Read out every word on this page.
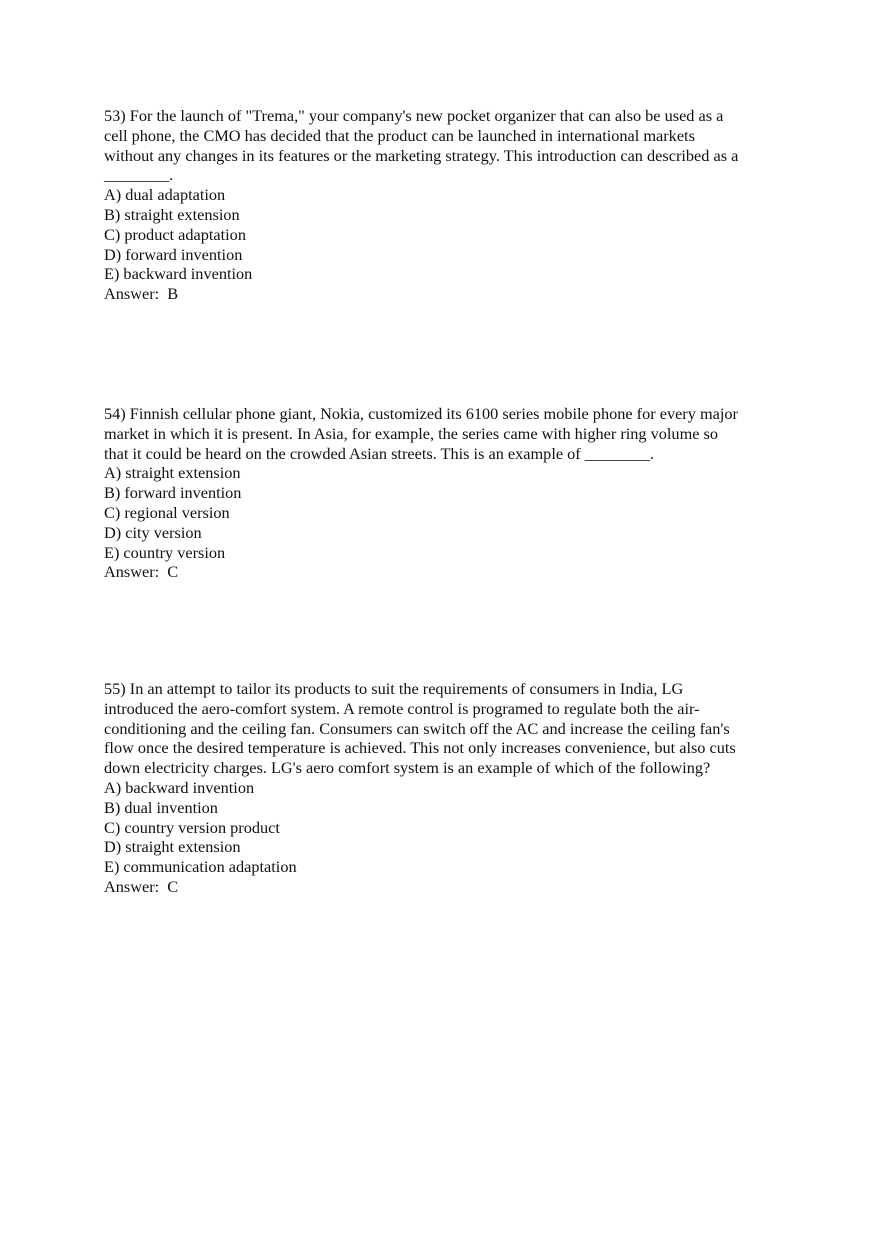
53) For the launch of "Trema," your company's new pocket organizer that can also be used as a
cell phone, the CMO has decided that the product can be launched in international markets
without any changes in its features or the marketing strategy. This introduction can described as a
________.

A) dual adaptation
B) straight extension
C) product adaptation
D) forward invention
E) backward invention

Answer:  B

54) Finnish cellular phone giant, Nokia, customized its 6100 series mobile phone for every major
market in which it is present. In Asia, for example, the series came with higher ring volume so
that it could be heard on the crowded Asian streets. This is an example of ________.

A) straight extension
B) forward invention
C) regional version
D) city version
E) country version

Answer:  C

55) In an attempt to tailor its products to suit the requirements of consumers in India, LG
introduced the aero-comfort system. A remote control is programed to regulate both the air-
conditioning and the ceiling fan. Consumers can switch off the AC and increase the ceiling fan's
flow once the desired temperature is achieved. This not only increases convenience, but also cuts
down electricity charges. LG's aero comfort system is an example of which of the following?

A) backward invention
B) dual invention
C) country version product
D) straight extension
E) communication adaptation

Answer:  C
